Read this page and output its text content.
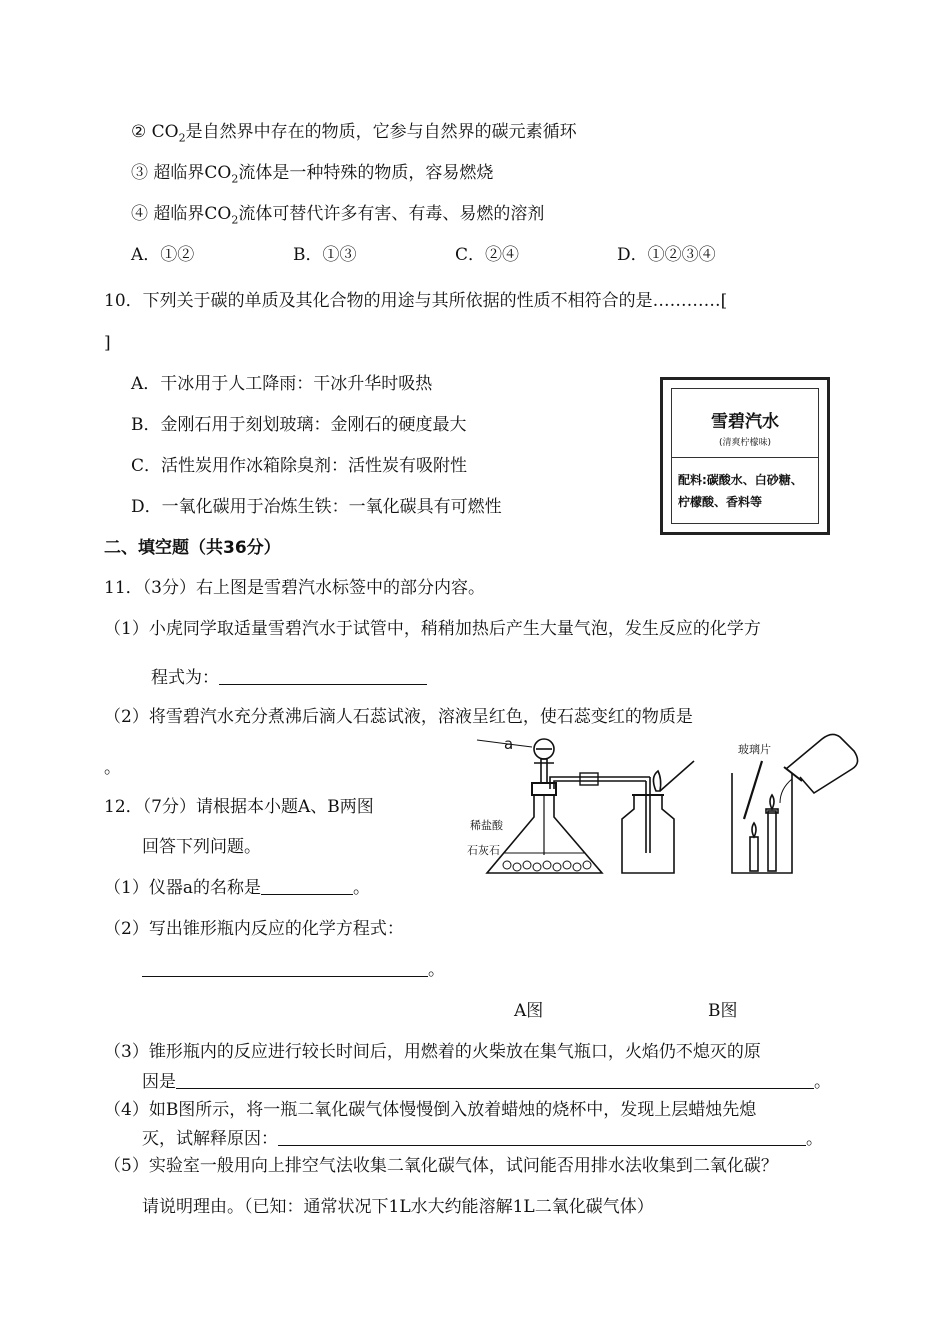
② $CO_2$是自然界中存在的物质，它参与自然界的碳元素循环
③ 超临界$CO_2$流体是一种特殊的物质，容易燃烧
④ 超临界$CO_2$流体可替代许多有害、有毒、易燃的溶剂
A．①②	B．①③	C．②④	D．①②③④
10．下列关于碳的单质及其化合物的用途与其所依据的性质不相符合的是…………[
]
A．干冰用于人工降雨：干冰升华时吸热
B．金刚石用于刻划玻璃：金刚石的硬度最大
C．活性炭用作冰箱除臭剂：活性炭有吸附性
D．一氧化碳用于冶炼生铁：一氧化碳具有可燃性
雪碧汽水
(清爽柠檬味)
配料:碳酸水、白砂糖、柠檬酸、香料等
二、填空题（共36分）
11．（3分）右上图是雪碧汽水标签中的部分内容。
（1）小虎同学取适量雪碧汽水于试管中，稍稍加热后产生大量气泡，发生反应的化学方
程式为：
（2）将雪碧汽水充分煮沸后滴人石蕊试液，溶液呈红色，使石蕊变红的物质是
。
12．（7分）请根据本小题A、B两图
回答下列问题。
（1）仪器a的名称是	。
（2）写出锥形瓶内反应的化学方程式：
。
a
稀盐酸
石灰石
玻璃片
A图	B图
（3）锥形瓶内的反应进行较长时间后，用燃着的火柴放在集气瓶口，火焰仍不熄灭的原
因是	。
（4）如B图所示，将一瓶二氧化碳气体慢慢倒入放着蜡烛的烧杯中，发现上层蜡烛先熄
灭，试解释原因：	。
（5）实验室一般用向上排空气法收集二氧化碳气体，试问能否用排水法收集到二氧化碳？
请说明理由。（已知：通常状况下1L水大约能溶解1L二氧化碳气体）
